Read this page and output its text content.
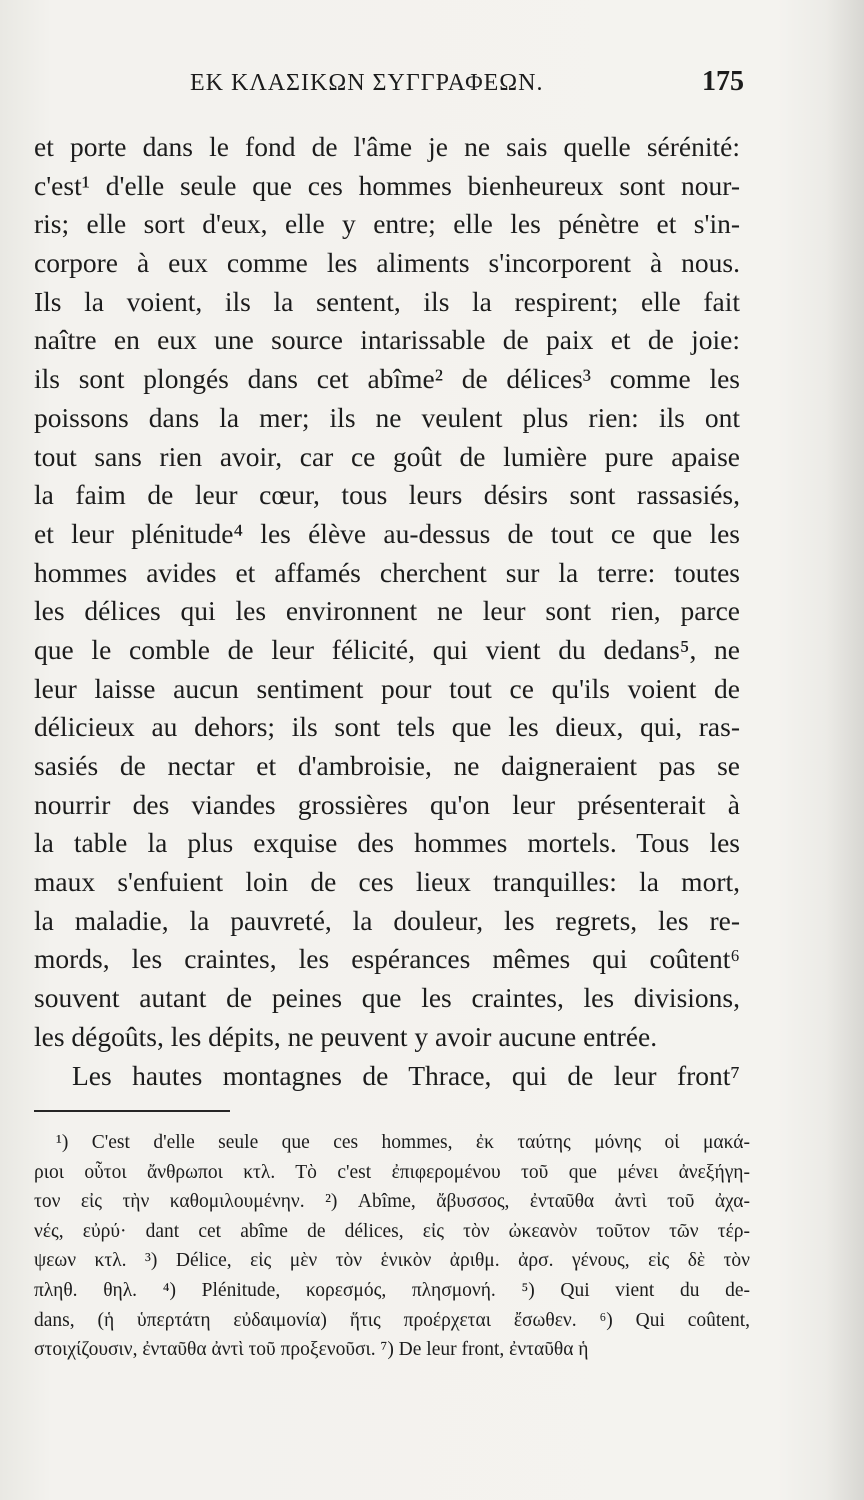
ΕΚ ΚΛΑΣΙΚΩΝ ΣΥΓΓΡΑΦΕΩΝ.	175
et porte dans le fond de l'âme je ne sais quelle sérénité:
c'est¹ d'elle seule que ces hommes bienheureux sont nour-
ris; elle sort d'eux, elle y entre; elle les pénètre et s'in-
corpore à eux comme les aliments s'incorporent à nous.
Ils la voient, ils la sentent, ils la respirent; elle fait
naître en eux une source intarissable de paix et de joie:
ils sont plongés dans cet abîme² de délices³ comme les
poissons dans la mer; ils ne veulent plus rien: ils ont
tout sans rien avoir, car ce goût de lumière pure apaise
la faim de leur cœur, tous leurs désirs sont rassasiés,
et leur plénitude⁴ les élève au-dessus de tout ce que les
hommes avides et affamés cherchent sur la terre: toutes
les délices qui les environnent ne leur sont rien, parce
que le comble de leur félicité, qui vient du dedans⁵, ne
leur laisse aucun sentiment pour tout ce qu'ils voient de
délicieux au dehors; ils sont tels que les dieux, qui, ras-
sasiés de nectar et d'ambroisie, ne daigneraient pas se
nourrir des viandes grossières qu'on leur présenterait à
la table la plus exquise des hommes mortels. Tous les
maux s'enfuient loin de ces lieux tranquilles: la mort,
la maladie, la pauvreté, la douleur, les regrets, les re-
mords, les craintes, les espérances mêmes qui coûtent⁶
souvent autant de peines que les craintes, les divisions,
les dégoûts, les dépits, ne peuvent y avoir aucune entrée.
Les hautes montagnes de Thrace, qui de leur front⁷
¹) C'est d'elle seule que ces hommes, ἐκ ταύτης μόνης οἱ μακά-
ριοι οὗτοι ἄνθρωποι κτλ. Τὸ c'est ἐπιφερομένου τοῦ que μένει ἀνεξήγη-
τον εἰς τὴν καθομιλουμένην. ²) Abîme, ἄβυσσος, ἐνταῦθα ἀντὶ τοῦ ἀχα-
νές, εὐρύ· dant cet abîme de délices, εἰς τὸν ὠκεανὸν τοῦτον τῶν τέρ-
ψεων κτλ. ³) Délice, εἰς μὲν τὸν ἑνικὸν ἀριθμ. ἀρσ. γένους, εἰς δὲ τὸν
πληθ. θηλ. ⁴) Plénitude, κορεσμός, πλησμονή. ⁵) Qui vient du de-
dans, (ἡ ὑπερτάτη εὐδαιμονία) ἥτις προέρχεται ἔσωθεν. ⁶) Qui coûtent,
στοιχίζουσιν, ἐνταῦθα ἀντὶ τοῦ προξενοῦσι. ⁷) De leur front, ἐνταῦθα ἡ
